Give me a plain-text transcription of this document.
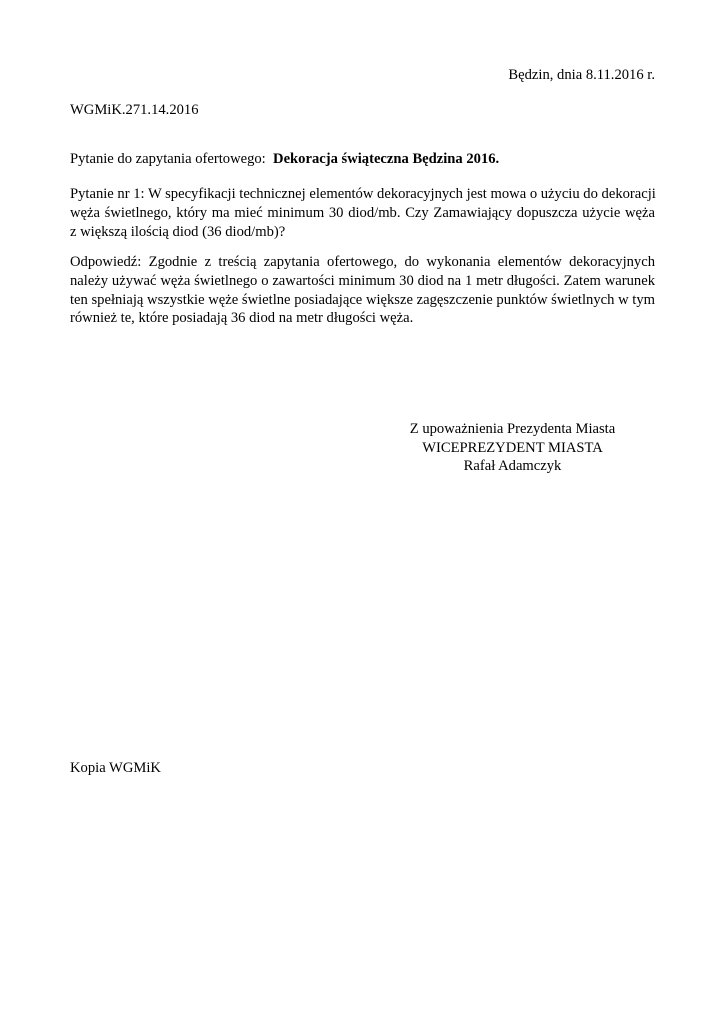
Będzin, dnia 8.11.2016 r.
WGMiK.271.14.2016
Pytanie do zapytania ofertowego:  Dekoracja świąteczna Będzina 2016.
Pytanie nr 1: W specyfikacji technicznej elementów dekoracyjnych jest mowa o użyciu do dekoracji
węża świetlnego, który ma mieć minimum 30 diod/mb. Czy Zamawiający dopuszcza użycie węża
z większą ilością diod (36 diod/mb)?
Odpowiedź: Zgodnie z treścią zapytania ofertowego, do wykonania elementów dekoracyjnych
należy używać węża świetlnego o zawartości minimum 30 diod na 1 metr długości. Zatem warunek
ten spełniają wszystkie węże świetlne posiadające większe zagęszczenie punktów świetlnych w tym
również te, które posiadają 36 diod na metr długości węża.
Z upoważnienia Prezydenta Miasta
WICEPREZYDENT MIASTA
Rafał Adamczyk
Kopia WGMiK
